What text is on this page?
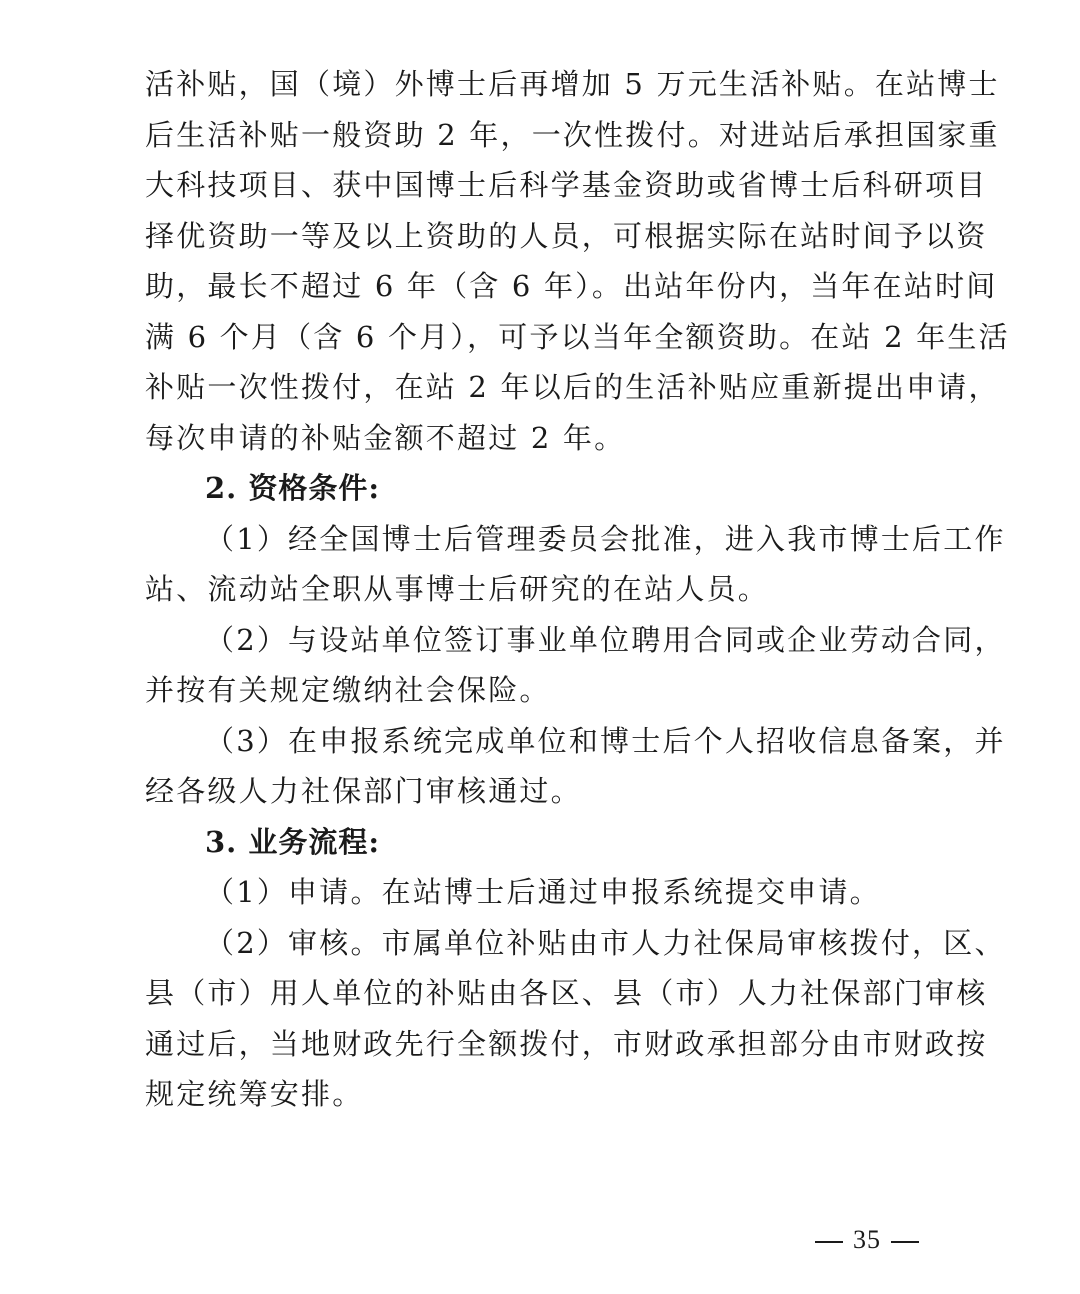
活补贴，国（境）外博士后再增加 5 万元生活补贴。在站博士
后生活补贴一般资助 2 年，一次性拨付。对进站后承担国家重
大科技项目、获中国博士后科学基金资助或省博士后科研项目
择优资助一等及以上资助的人员，可根据实际在站时间予以资
助，最长不超过 6 年（含 6 年）。出站年份内，当年在站时间
满 6 个月（含 6 个月），可予以当年全额资助。在站 2 年生活
补贴一次性拨付，在站 2 年以后的生活补贴应重新提出申请，
每次申请的补贴金额不超过 2 年。
2. 资格条件:
（1）经全国博士后管理委员会批准，进入我市博士后工作
站、流动站全职从事博士后研究的在站人员。
（2）与设站单位签订事业单位聘用合同或企业劳动合同，
并按有关规定缴纳社会保险。
（3）在申报系统完成单位和博士后个人招收信息备案，并
经各级人力社保部门审核通过。
3. 业务流程:
（1）申请。在站博士后通过申报系统提交申请。
（2）审核。市属单位补贴由市人力社保局审核拨付，区、
县（市）用人单位的补贴由各区、县（市）人力社保部门审核
通过后，当地财政先行全额拨付，市财政承担部分由市财政按
规定统筹安排。
35
